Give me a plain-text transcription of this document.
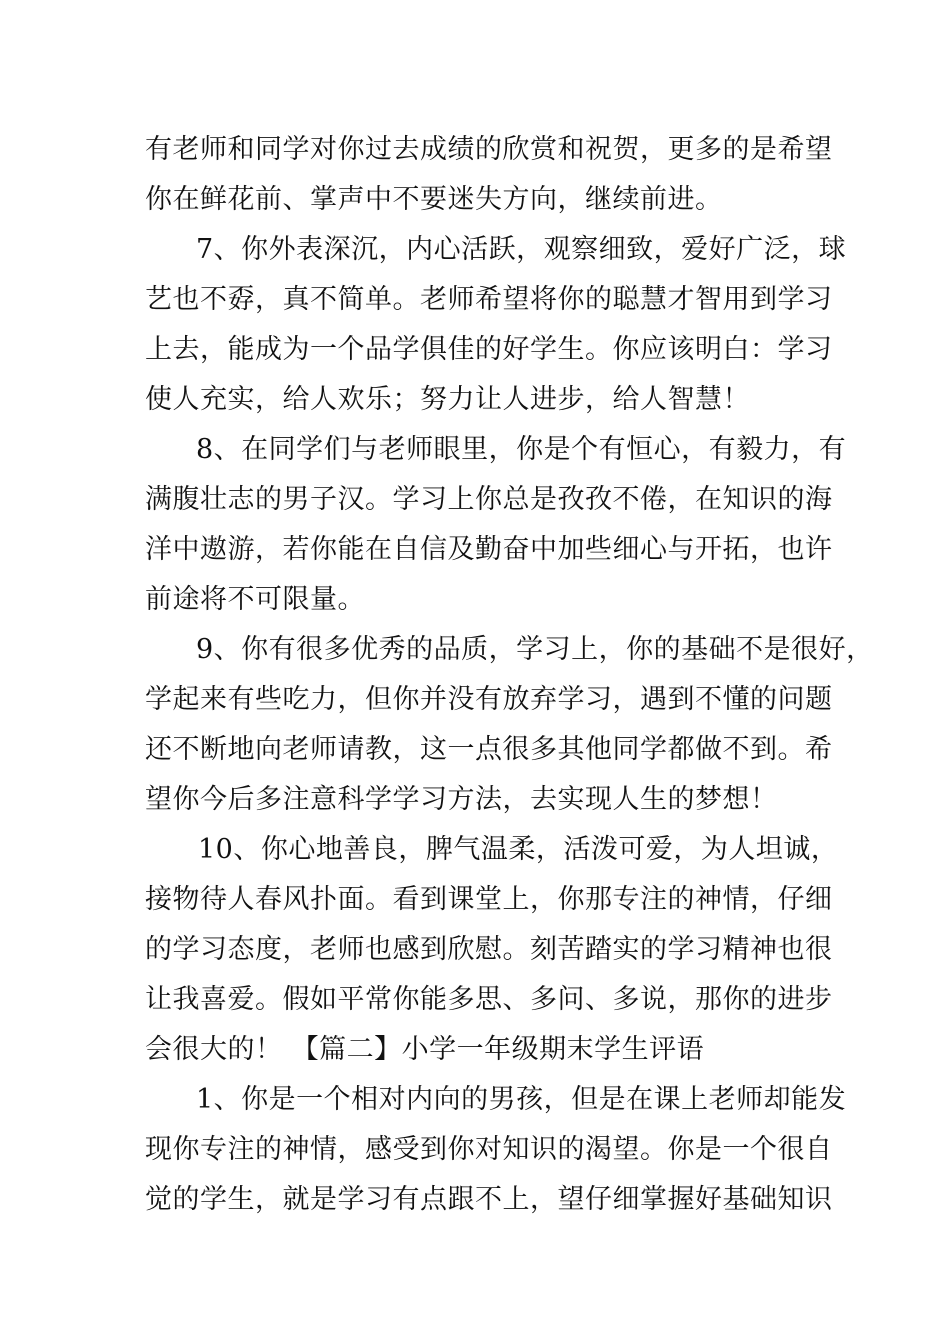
有老师和同学对你过去成绩的欣赏和祝贺，更多的是希望
你在鲜花前、掌声中不要迷失方向，继续前进。
7、你外表深沉，内心活跃，观察细致，爱好广泛，球
艺也不孬，真不简单。老师希望将你的聪慧才智用到学习
上去，能成为一个品学俱佳的好学生。你应该明白：学习
使人充实，给人欢乐；努力让人进步，给人智慧！
8、在同学们与老师眼里，你是个有恒心，有毅力，有
满腹壮志的男子汉。学习上你总是孜孜不倦，在知识的海
洋中遨游，若你能在自信及勤奋中加些细心与开拓，也许
前途将不可限量。
9、你有很多优秀的品质，学习上，你的基础不是很好，
学起来有些吃力，但你并没有放弃学习，遇到不懂的问题
还不断地向老师请教，这一点很多其他同学都做不到。希
望你今后多注意科学学习方法，去实现人生的梦想！
10、你心地善良，脾气温柔，活泼可爱，为人坦诚，
接物待人春风扑面。看到课堂上，你那专注的神情，仔细
的学习态度，老师也感到欣慰。刻苦踏实的学习精神也很
让我喜爱。假如平常你能多思、多问、多说，那你的进步
会很大的！ 【篇二】小学一年级期末学生评语
1、你是一个相对内向的男孩，但是在课上老师却能发
现你专注的神情，感受到你对知识的渴望。你是一个很自
觉的学生，就是学习有点跟不上，望仔细掌握好基础知识
